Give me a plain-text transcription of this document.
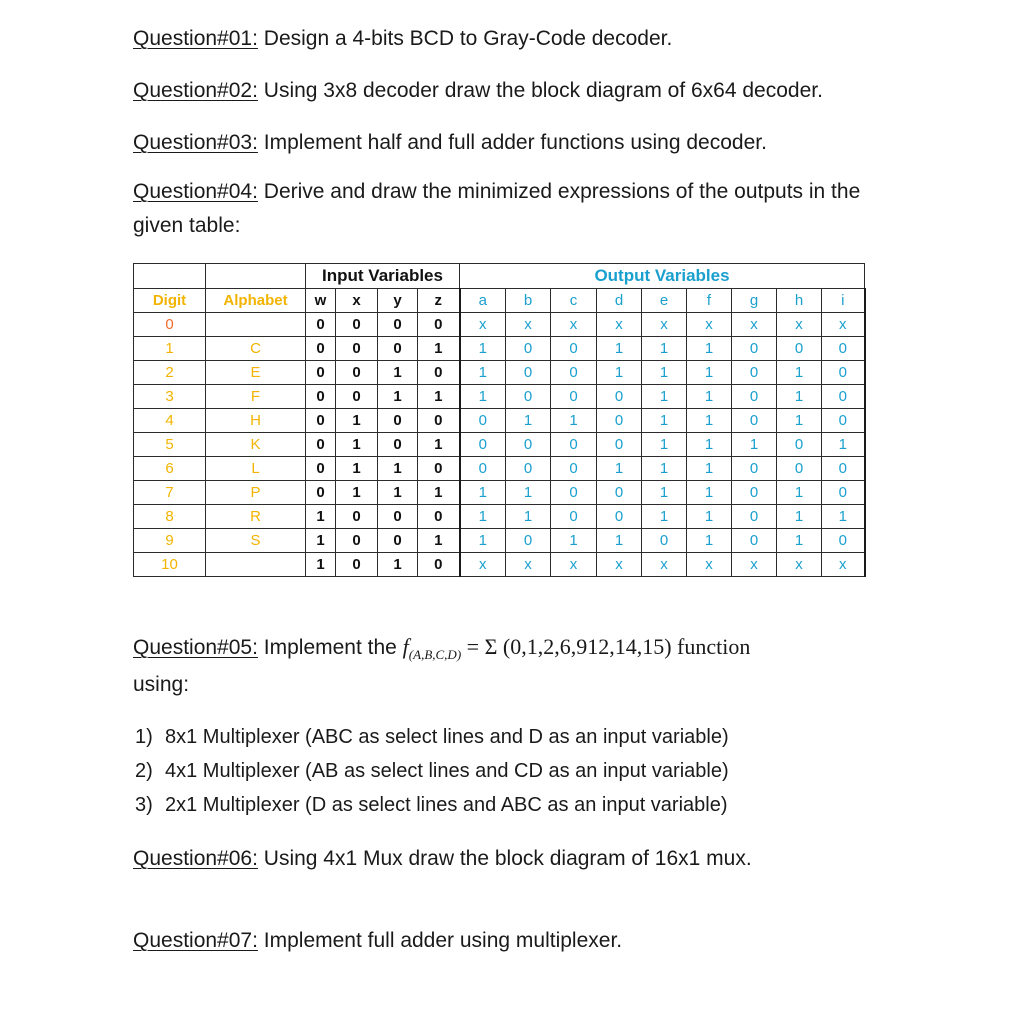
Question#01: Design a 4-bits BCD to Gray-Code decoder.

Question#02: Using 3x8 decoder draw the block diagram of 6x64 decoder.

Question#03: Implement half and full adder functions using decoder.

Question#04: Derive and draw the minimized expressions of the outputs in the given table:

		Input Variables				Output Variables								
Digit	Alphabet	w	x	y	z	a	b	c	d	e	f	g	h	i
0		0	0	0	0	x	x	x	x	x	x	x	x	x
1	C	0	0	0	1	1	0	0	1	1	1	0	0	0
2	E	0	0	1	0	1	0	0	1	1	1	0	1	0
3	F	0	0	1	1	1	0	0	0	1	1	0	1	0
4	H	0	1	0	0	0	1	1	0	1	1	0	1	0
5	K	0	1	0	1	0	0	0	0	1	1	1	0	1
6	L	0	1	1	0	0	0	0	1	1	1	0	0	0
7	P	0	1	1	1	1	1	0	0	1	1	0	1	0
8	R	1	0	0	0	1	1	0	0	1	1	0	1	1
9	S	1	0	0	1	1	0	1	1	0	1	0	1	0
10		1	0	1	0	x	x	x	x	x	x	x	x	x

Question#05: Implement the $f_{(A,B,C,D)} = \Sigma$ (0,1,2,6,912,14,15) function

using:

1) 8x1 Multiplexer (ABC as select lines and D as an input variable)
2) 4x1 Multiplexer (AB as select lines and CD as an input variable)
3) 2x1 Multiplexer (D as select lines and ABC as an input variable)

Question#06: Using 4x1 Mux draw the block diagram of 16x1 mux.

Question#07: Implement full adder using multiplexer.
